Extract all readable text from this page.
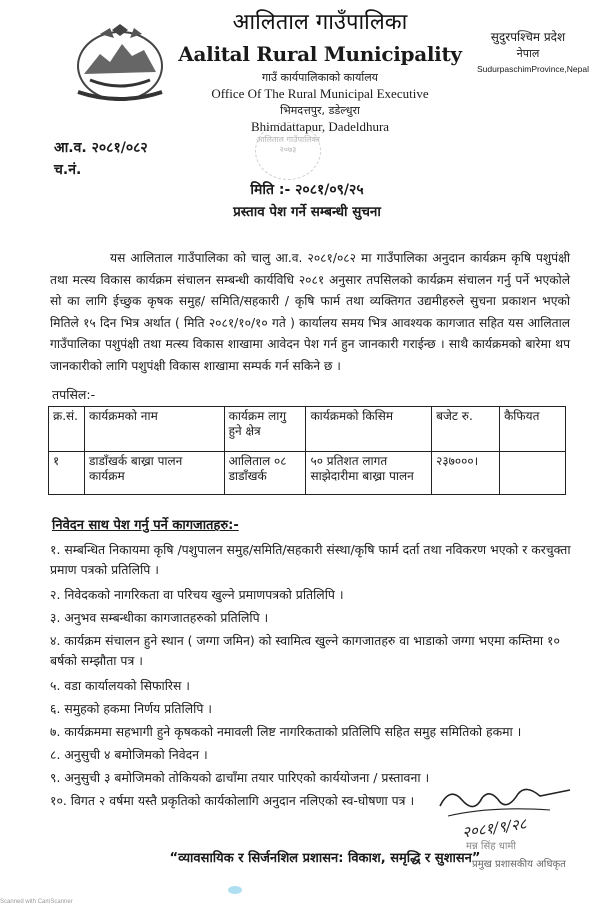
आलिताल गाउँपालिका
Aalital Rural Municipality
गाउँ कार्यपालिकाको कार्यालय
Office Of The Rural Municipal Executive
भिमदत्तपुर, डडेल्धुरा
Bhimdattapur, Dadeldhura
आलिताल गाउँपालिका २०७३
सुदुरपश्चिम प्रदेश
नेपाल
SudurpaschimProvince,Nepal
आ.व. २०८१/०८२
च.नं.
मिति :- २०८१/०९/२५
प्रस्ताव पेश गर्ने सम्बन्धी सुचना
यस आलिताल गाउँपालिका को चालु आ.व. २०८१/०८२ मा गाउँपालिका अनुदान कार्यक्रम कृषि पशुपंक्षी तथा मत्स्य विकास कार्यक्रम संचालन सम्बन्धी कार्यविधि २०८१ अनुसार तपसिलको कार्यक्रम संचालन गर्नु पर्ने भएकोले सो का लागि ईच्छुक कृषक समुह/ समिति/सहकारी / कृषि फार्म तथा व्यक्तिगत उद्यमीहरुले सुचना प्रकाशन भएको मितिले १५ दिन भित्र अर्थात ( मिति २०८१/१०/१० गते ) कार्यालय समय भित्र आवश्यक कागजात सहित यस आलिताल गाउँपालिका पशुपंक्षी तथा मत्स्य विकास शाखामा आवेदन पेश गर्न हुन जानकारी गराईन्छ । साथै कार्यक्रमको बारेमा थप जानकारीको लागि पशुपंक्षी विकास शाखामा सम्पर्क गर्न सकिने छ ।
तपसिल:-
क्र.सं.	कार्यक्रमको नाम	कार्यक्रम लागु हुने क्षेत्र	कार्यक्रमको किसिम	बजेट रु.	कैफियत
१	डाडाँखर्क बाख्रा पालन कार्यक्रम	आलिताल ०८ डाडाँखर्क	५० प्रतिशत लागत साझेदारीमा बाख्रा पालन	२३७०००।	
निवेदन साथ पेश गर्नु पर्ने कागजातहरु:-
१. सम्बन्धित निकायमा कृषि /पशुपालन समुह/समिति/सहकारी संस्था/कृषि फार्म दर्ता तथा नविकरण भएको र करचुक्ता प्रमाण पत्रको प्रतिलिपि ।
२. निवेदकको नागरिकता वा परिचय खुल्ने प्रमाणपत्रको प्रतिलिपि ।
३. अनुभव सम्बन्धीका कागजातहरुको प्रतिलिपि ।
४. कार्यक्रम संचालन हुने स्थान ( जग्गा जमिन) को स्वामित्व खुल्ने कागजातहरु वा भाडाको जग्गा भएमा कम्तिमा १० बर्षको सम्झौता पत्र ।
५. वडा कार्यालयको सिफारिस ।
६. समुहको हकमा निर्णय प्रतिलिपि ।
७. कार्यक्रममा सहभागी हुने कृषकको नमावली लिष्ट नागरिकताको प्रतिलिपि सहित समुह समितिको हकमा ।
८. अनुसुची ४ बमोजिमको निवेदन ।
९. अनुसुची ३ बमोजिमको तोकियको ढाचाँमा तयार पारिएको कार्ययोजना / प्रस्तावना ।
१०. विगत २ वर्षमा यस्तै प्रकृतिको कार्यकोलागि अनुदान नलिएको स्व-घोषणा पत्र ।
२०८१/९/२८
मन्न सिंह धामी
प्रमुख प्रशासकीय अधिकृत
“व्यावसायिक र सिर्जनशिल प्रशासन: विकाश, समृद्धि र सुशासन”
Scanned with CamScanner
